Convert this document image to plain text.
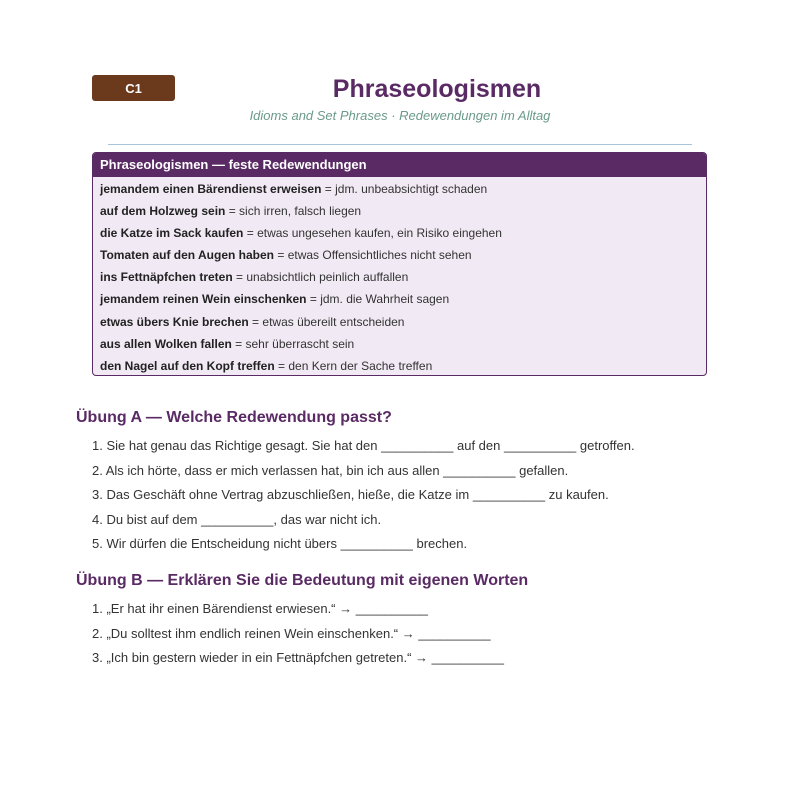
C1	Phraseologismen
Idioms and Set Phrases · Redewendungen im Alltag
Phraseologismen — feste Redewendungen
jemandem einen Bärendienst erweisen = jdm. unbeabsichtigt schaden
auf dem Holzweg sein = sich irren, falsch liegen
die Katze im Sack kaufen = etwas ungesehen kaufen, ein Risiko eingehen
Tomaten auf den Augen haben = etwas Offensichtliches nicht sehen
ins Fettnäpfchen treten = unabsichtlich peinlich auffallen
jemandem reinen Wein einschenken = jdm. die Wahrheit sagen
etwas übers Knie brechen = etwas übereilt entscheiden
aus allen Wolken fallen = sehr überrascht sein
den Nagel auf den Kopf treffen = den Kern der Sache treffen
Übung A — Welche Redewendung passt?
1. Sie hat genau das Richtige gesagt. Sie hat den __________ auf den __________ getroffen.
2. Als ich hörte, dass er mich verlassen hat, bin ich aus allen __________ gefallen.
3. Das Geschäft ohne Vertrag abzuschließen, hieße, die Katze im __________ zu kaufen.
4. Du bist auf dem __________, das war nicht ich.
5. Wir dürfen die Entscheidung nicht übers __________ brechen.
Übung B — Erklären Sie die Bedeutung mit eigenen Worten
1. „Er hat ihr einen Bärendienst erwiesen.“ → __________
2. „Du solltest ihm endlich reinen Wein einschenken.“ → __________
3. „Ich bin gestern wieder in ein Fettnäpfchen getreten.“ → __________
